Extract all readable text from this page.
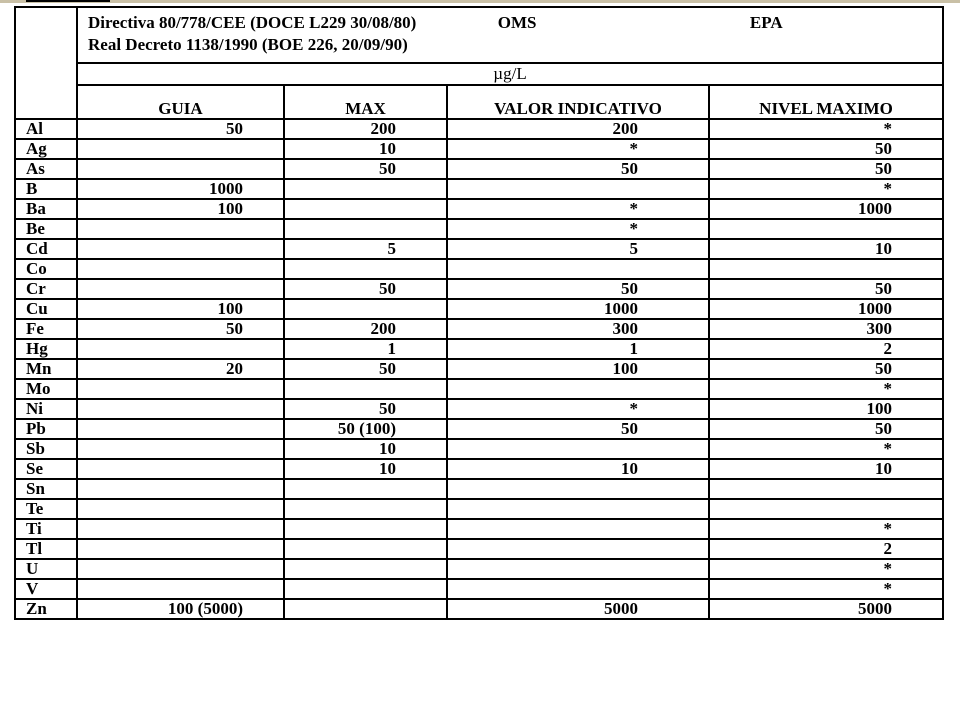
	Directiva 80/778/CEE (DOCE L229 30/08/80) OMS EPA
Real Decreto 1138/1990 (BOE 226, 20/09/90)			

	µg/L			
	GUIA	MAX	VALOR INDICATIVO	NIVEL MAXIMO
Al	50	200	200	*
Ag		10	*	50
As		50	50	50
B	1000			*
Ba	100		*	1000
Be			*	
Cd		5	5	10
Co				
Cr		50	50	50
Cu	100		1000	1000
Fe	50	200	300	300
Hg		1	1	2
Mn	20	50	100	50
Mo				*
Ni		50	*	100
Pb		50 (100)	50	50
Sb		10		*
Se		10	10	10
Sn				
Te				
Ti				*
Tl				2
U				*
V				*
Zn	100 (5000)		5000	5000
